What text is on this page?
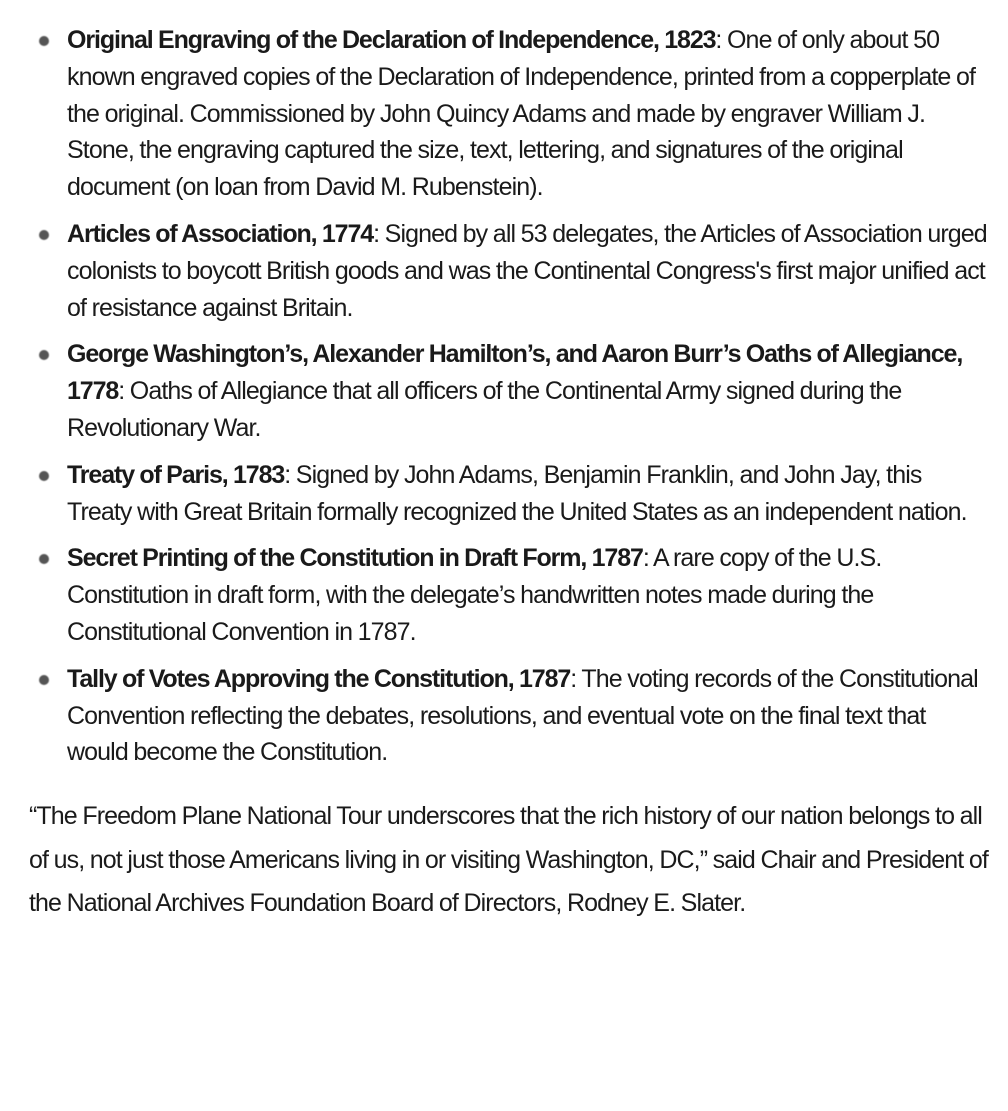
Original Engraving of the Declaration of Independence, 1823: One of only about 50 known engraved copies of the Declaration of Independence, printed from a copperplate of the original. Commissioned by John Quincy Adams and made by engraver William J. Stone, the engraving captured the size, text, lettering, and signatures of the original document (on loan from David M. Rubenstein).
Articles of Association, 1774: Signed by all 53 delegates, the Articles of Association urged colonists to boycott British goods and was the Continental Congress's first major unified act of resistance against Britain.
George Washington’s, Alexander Hamilton’s, and Aaron Burr’s Oaths of Allegiance, 1778: Oaths of Allegiance that all officers of the Continental Army signed during the Revolutionary War.
Treaty of Paris, 1783: Signed by John Adams, Benjamin Franklin, and John Jay, this Treaty with Great Britain formally recognized the United States as an independent nation.
Secret Printing of the Constitution in Draft Form, 1787: A rare copy of the U.S. Constitution in draft form, with the delegate’s handwritten notes made during the Constitutional Convention in 1787.
Tally of Votes Approving the Constitution, 1787: The voting records of the Constitutional Convention reflecting the debates, resolutions, and eventual vote on the final text that would become the Constitution.

“The Freedom Plane National Tour underscores that the rich history of our nation belongs to all of us, not just those Americans living in or visiting Washington, DC,” said Chair and President of the National Archives Foundation Board of Directors, Rodney E. Slater.
